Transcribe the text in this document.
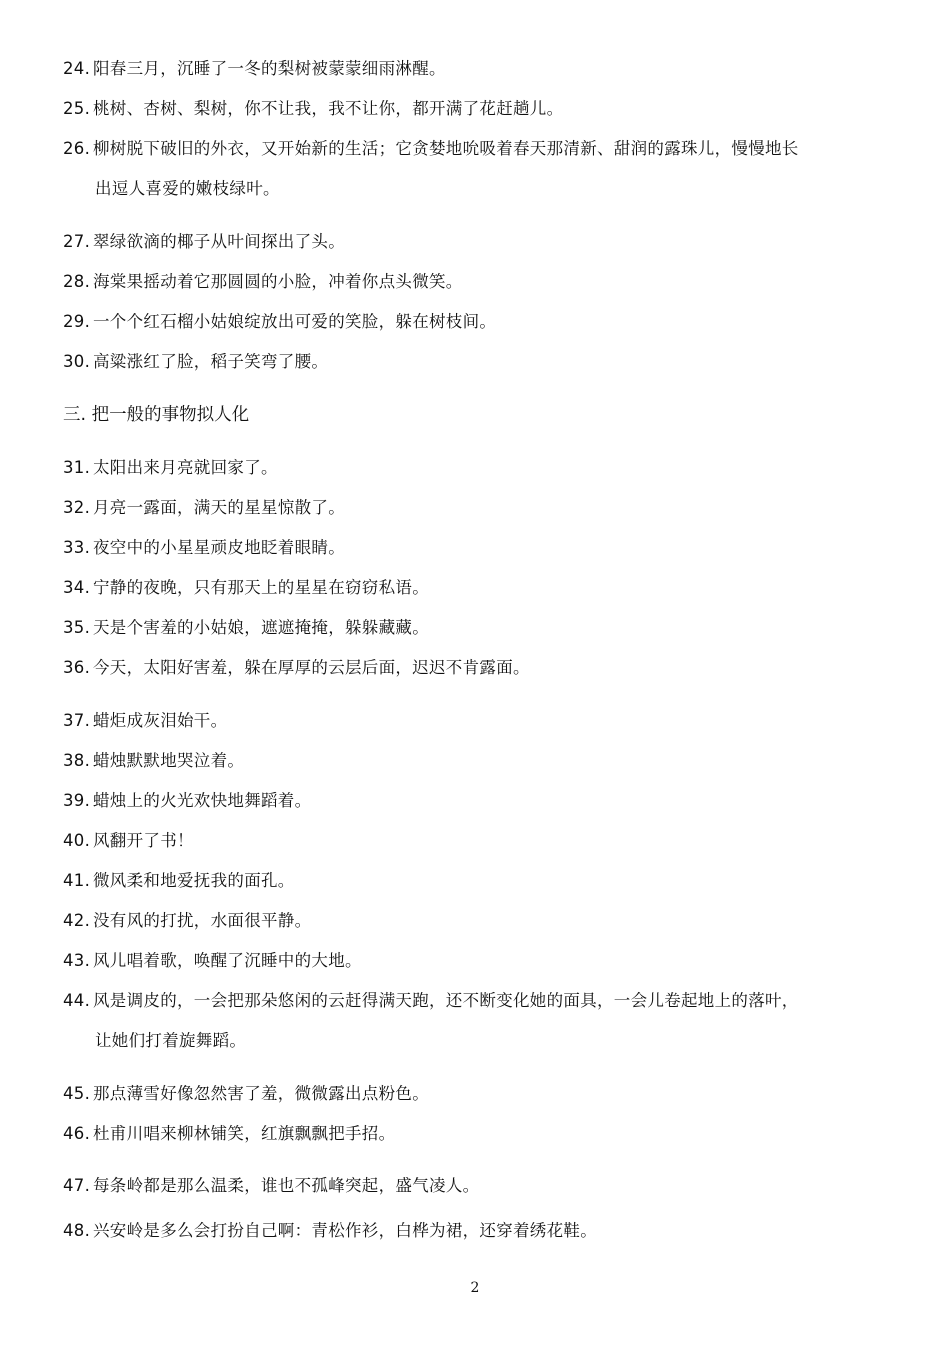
24. 阳春三月，沉睡了一冬的梨树被蒙蒙细雨淋醒。
25. 桃树、杏树、梨树，你不让我，我不让你，都开满了花赶趟儿。
26. 柳树脱下破旧的外衣，又开始新的生活；它贪婪地吮吸着春天那清新、甜润的露珠儿，慢慢地长
出逗人喜爱的嫩枝绿叶。
27. 翠绿欲滴的椰子从叶间探出了头。
28. 海棠果摇动着它那圆圆的小脸，冲着你点头微笑。
29. 一个个红石榴小姑娘绽放出可爱的笑脸，躲在树枝间。
30. 高粱涨红了脸，稻子笑弯了腰。
三. 把一般的事物拟人化
31. 太阳出来月亮就回家了。
32. 月亮一露面，满天的星星惊散了。
33. 夜空中的小星星顽皮地眨着眼睛。
34. 宁静的夜晚，只有那天上的星星在窃窃私语。
35. 天是个害羞的小姑娘，遮遮掩掩，躲躲藏藏。
36. 今天，太阳好害羞，躲在厚厚的云层后面，迟迟不肯露面。
37. 蜡炬成灰泪始干。
38. 蜡烛默默地哭泣着。
39. 蜡烛上的火光欢快地舞蹈着。
40. 风翻开了书！
41. 微风柔和地爱抚我的面孔。
42. 没有风的打扰，水面很平静。
43. 风儿唱着歌，唤醒了沉睡中的大地。
44. 风是调皮的，一会把那朵悠闲的云赶得满天跑，还不断变化她的面具，一会儿卷起地上的落叶，
让她们打着旋舞蹈。
45. 那点薄雪好像忽然害了羞，微微露出点粉色。
46. 杜甫川唱来柳林铺笑，红旗飘飘把手招。
47. 每条岭都是那么温柔，谁也不孤峰突起，盛气凌人。
48. 兴安岭是多么会打扮自己啊：青松作衫，白桦为裙，还穿着绣花鞋。
2
